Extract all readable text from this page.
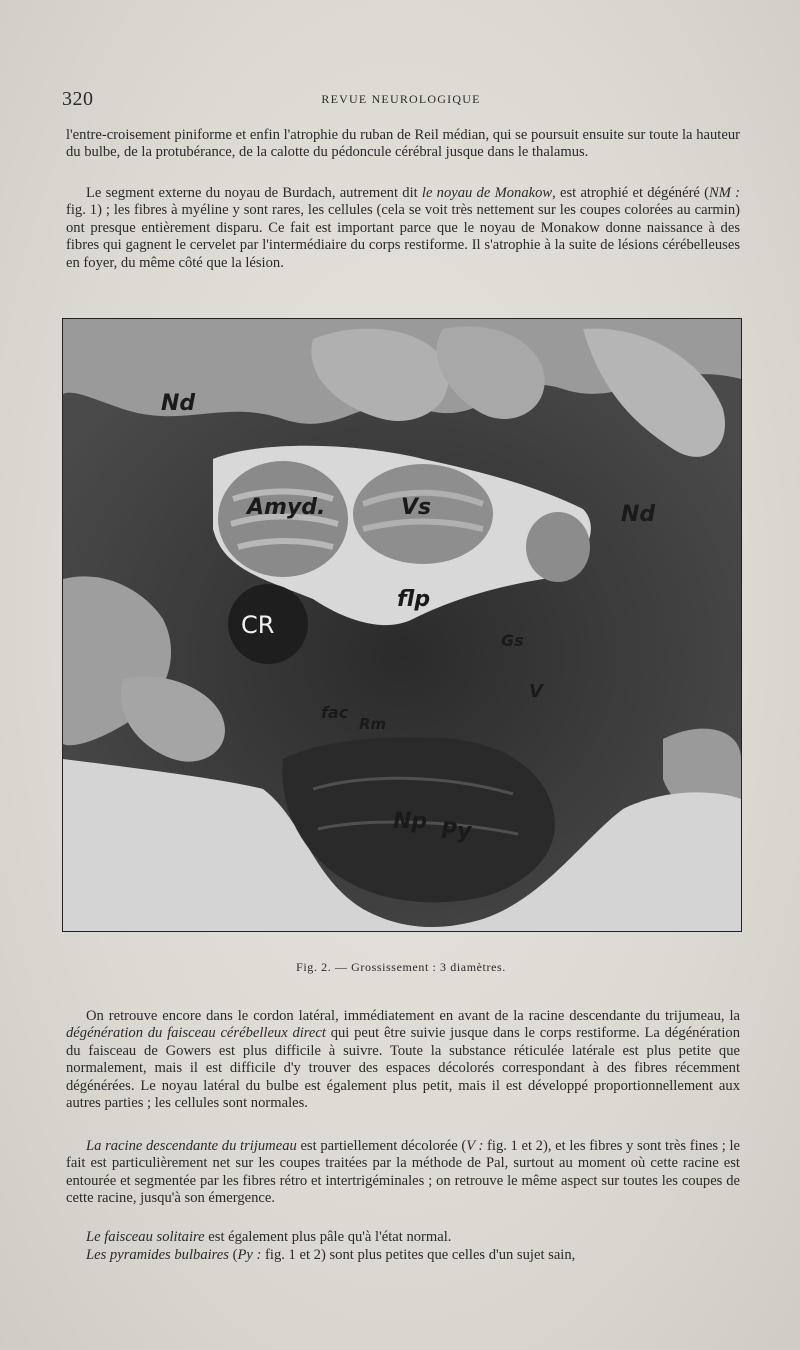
320	REVUE NEUROLOGIQUE

l'entre-croisement piniforme et enfin l'atrophie du ruban de Reil médian, qui se poursuit ensuite sur toute la hauteur du bulbe, de la protubérance, de la calotte du pédoncule cérébral jusque dans le thalamus.

Le segment externe du noyau de Burdach, autrement dit le noyau de Monakow, est atrophié et dégénéré (NM : fig. 1) ; les fibres à myéline y sont rares, les cellules (cela se voit très nettement sur les coupes colorées au carmin) ont presque entièrement disparu. Ce fait est important parce que le noyau de Monakow donne naissance à des fibres qui gagnent le cervelet par l'intermédiaire du corps restiforme. Il s'atrophie à la suite de lésions cérébelleuses en foyer, du même côté que la lésion.

Nd
Nd
Amyd.	Vs
flp
CR
Gs
V
fac
Rm
Np Py
Fig. 2. — Grossissement : 3 diamètres.

On retrouve encore dans le cordon latéral, immédiatement en avant de la racine descendante du trijumeau, la dégénération du faisceau cérébelleux direct qui peut être suivie jusque dans le corps restiforme. La dégénération du faisceau de Gowers est plus difficile à suivre. Toute la substance réticulée latérale est plus petite que normalement, mais il est difficile d'y trouver des espaces décolorés correspondant à des fibres récemment dégénérées. Le noyau latéral du bulbe est également plus petit, mais il est développé proportionnellement aux autres parties ; les cellules sont normales.

La racine descendante du trijumeau est partiellement décolorée (V : fig. 1 et 2), et les fibres y sont très fines ; le fait est particulièrement net sur les coupes traitées par la méthode de Pal, surtout au moment où cette racine est entourée et segmentée par les fibres rétro et intertrigéminales ; on retrouve le même aspect sur toutes les coupes de cette racine, jusqu'à son émergence.

Le faisceau solitaire est également plus pâle qu'à l'état normal.

Les pyramides bulbaires (Py : fig. 1 et 2) sont plus petites que celles d'un sujet sain,
